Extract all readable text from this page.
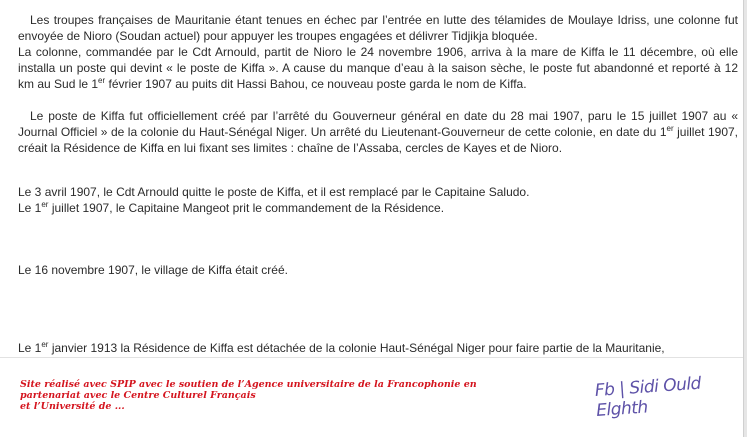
Les troupes françaises de Mauritanie étant tenues en échec par l’entrée en lutte des télamides de Moulaye Idriss, une colonne fut envoyée de Nioro (Soudan actuel) pour appuyer les troupes engagées et délivrer Tidjikja bloquée.

La colonne, commandée par le Cdt Arnould, partit de Nioro le 24 novembre 1906, arriva à la mare de Kiffa le 11 décembre, où elle installa un poste qui devint « le poste de Kiffa ». A cause du manque d’eau à la saison sèche, le poste fut abandonné et reporté à 12 km au Sud le 1er février 1907 au puits dit Hassi Bahou, ce nouveau poste garda le nom de Kiffa.

Le poste de Kiffa fut officiellement créé par l’arrêté du Gouverneur général en date du 28 mai 1907, paru le 15 juillet 1907 au « Journal Officiel » de la colonie du Haut-Sénégal Niger. Un arrêté du Lieutenant-Gouverneur de cette colonie, en date du 1er juillet 1907, créait la Résidence de Kiffa en lui fixant ses limites : chaîne de l’Assaba, cercles de Kayes et de Nioro.

Le 3 avril 1907, le Cdt Arnould quitte le poste de Kiffa, et il est remplacé par le Capitaine Saludo.

Le 1er juillet 1907, le Capitaine Mangeot prit le commandement de la Résidence.

Le 16 novembre 1907, le village de Kiffa était créé.

Le 1er janvier 1913 la Résidence de Kiffa est détachée de la colonie Haut-Sénégal Niger pour faire partie de la Mauritanie,

Site réalisé avec SPIP avec le soutien de l’Agence universitaire de la Francophonie en
partenariat avec le Centre Culturel Français
et l’Université de ...
Fb | Sidi Ould Elghth
